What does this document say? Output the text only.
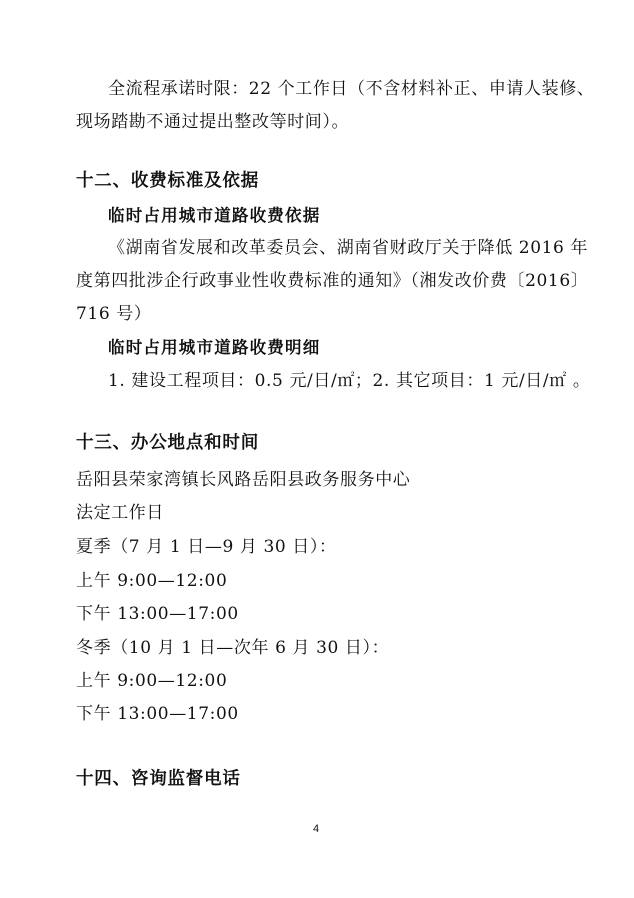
全流程承诺时限：22 个工作日（不含材料补正、申请人装修、
现场踏勘不通过提出整改等时间）。
十二、收费标准及依据
临时占用城市道路收费依据
《湖南省发展和改革委员会、湖南省财政厅关于降低 2016 年
度第四批涉企行政事业性收费标准的通知》（湘发改价费〔2016〕
716 号）
临时占用城市道路收费明细
1. 建设工程项目：0.5 元/日/㎡；2. 其它项目：1 元/日/㎡ 。
十三、办公地点和时间
岳阳县荣家湾镇长风路岳阳县政务服务中心
法定工作日
夏季（7 月 1 日—9 月 30 日）：
上午 9:00—12:00
下午 13:00—17:00
冬季（10 月 1 日—次年 6 月 30 日）：
上午 9:00—12:00
下午 13:00—17:00
十四、咨询监督电话
4
